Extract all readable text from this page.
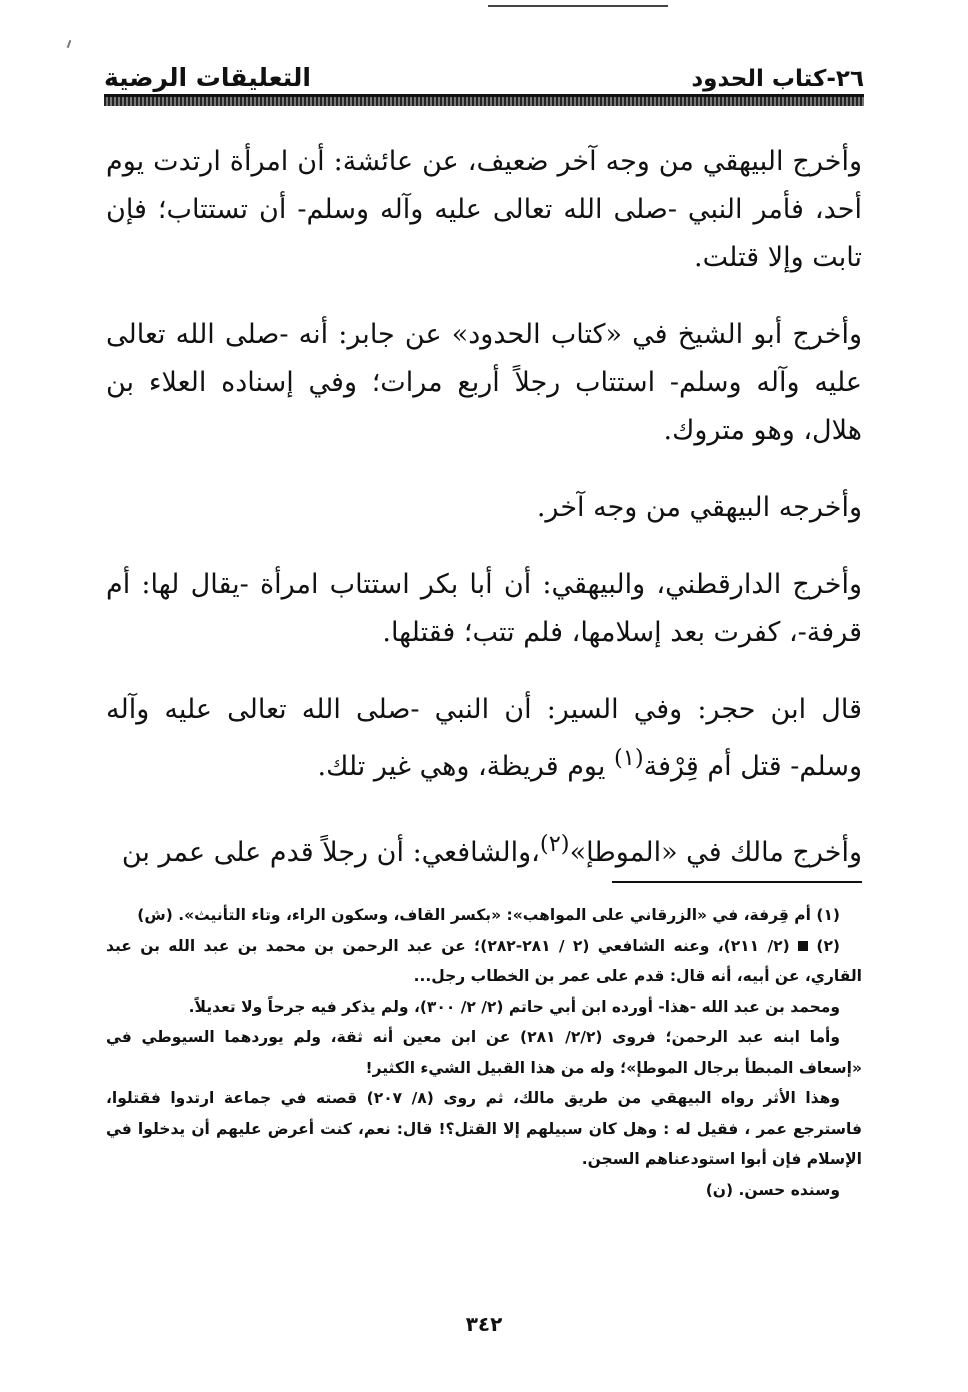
٢٦-كتاب الحدود
التعليقات الرضية

وأخرج البيهقي من وجه آخر ضعيف، عن عائشة: أن امرأة ارتدت يوم أحد، فأمر النبي -صلى الله تعالى عليه وآله وسلم- أن تستتاب؛ فإن تابت وإلا قتلت.

وأخرج أبو الشيخ في «كتاب الحدود» عن جابر: أنه -صلى الله تعالى عليه وآله وسلم- استتاب رجلاً أربع مرات؛ وفي إسناده العلاء بن هلال، وهو متروك.

وأخرجه البيهقي من وجه آخر.

وأخرج الدارقطني، والبيهقي: أن أبا بكر استتاب امرأة -يقال لها: أم قرفة-، كفرت بعد إسلامها، فلم تتب؛ فقتلها.

قال ابن حجر: وفي السير: أن النبي -صلى الله تعالى عليه وآله وسلم- قتل أم قِرْفة$^{(١)}$ يوم قريظة، وهي غير تلك.

وأخرج مالك في «الموطإ»$^{(٢)}$،والشافعي: أن رجلاً قدم على عمر بن

(١) أم قِرفة، في «الزرقاني على المواهب»: «بكسر القاف، وسكون الراء، وتاء التأنيث». (ش)

(٢)  (٢/ ٢١١)، وعنه الشافعي (٢ / ٢٨١-٢٨٢)؛ عن عبد الرحمن بن محمد بن عبد الله بن عبد القاري، عن أبيه، أنه قال: قدم على عمر بن الخطاب رجل...

ومحمد بن عبد الله -هذا- أورده ابن أبي حاتم (٢/ ٢/ ٣٠٠)، ولم يذكر فيه جرحاً ولا تعديلاً.

وأما ابنه عبد الرحمن؛ فروى (٢/٢/ ٢٨١) عن ابن معين أنه ثقة، ولم يوردهما السيوطي في «إسعاف المبطأ برجال الموطإ»؛ وله من هذا القبيل الشيء الكثير!

وهذا الأثر رواه البيهقي من طريق مالك، ثم روى (٨/ ٢٠٧) قصته في جماعة ارتدوا فقتلوا، فاسترجع عمر ، فقيل له : وهل كان سبيلهم إلا القتل؟! قال: نعم، كنت أعرض عليهم أن يدخلوا في الإسلام فإن أبوا استودعناهم السجن.

وسنده حسن. (ن)

٣٤٢
